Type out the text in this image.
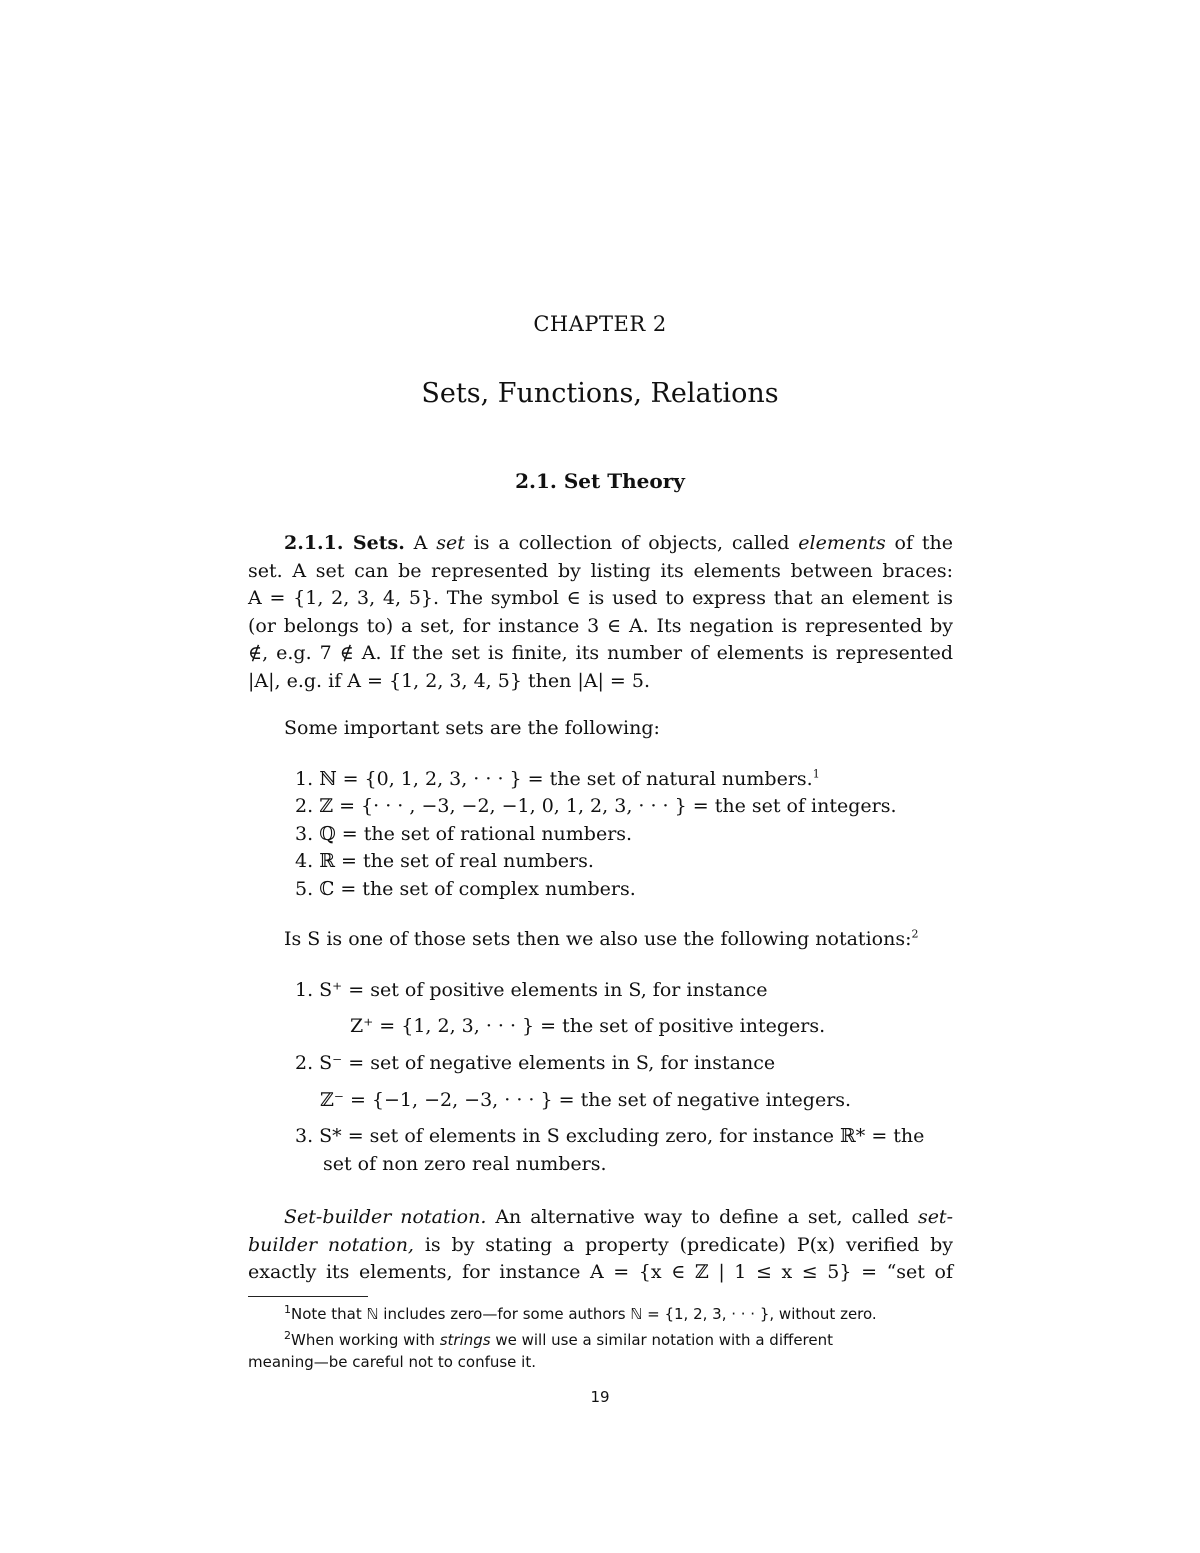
CHAPTER 2
Sets, Functions, Relations
2.1. Set Theory
2.1.1. Sets. A set is a collection of objects, called elements of the
set. A set can be represented by listing its elements between braces:
A = {1, 2, 3, 4, 5}. The symbol ∈ is used to express that an element is
(or belongs to) a set, for instance 3 ∈ A. Its negation is represented by
∉, e.g. 7 ∉ A. If the set is finite, its number of elements is represented
|A|, e.g. if A = {1, 2, 3, 4, 5} then |A| = 5.
Some important sets are the following:
1. ℕ = {0, 1, 2, 3, · · · } = the set of natural numbers.$^1$
2. ℤ = {· · · , −3, −2, −1, 0, 1, 2, 3, · · · } = the set of integers.
3. ℚ = the set of rational numbers.
4. ℝ = the set of real numbers.
5. ℂ = the set of complex numbers.
Is S is one of those sets then we also use the following notations:$^2$
1. S⁺ = set of positive elements in S, for instance
Z⁺ = {1, 2, 3, · · · } = the set of positive integers.
2. S⁻ = set of negative elements in S, for instance
ℤ⁻ = {−1, −2, −3, · · · } = the set of negative integers.
3. S* = set of elements in S excluding zero, for instance ℝ* = the
set of non zero real numbers.
Set-builder notation. An alternative way to define a set, called set-
builder notation, is by stating a property (predicate) P(x) verified by
exactly its elements, for instance A = {x ∈ ℤ | 1 ≤ x ≤ 5} = “set of
$^1$Note that ℕ includes zero—for some authors ℕ = {1, 2, 3, · · · }, without zero.
$^2$When working with strings we will use a similar notation with a different
meaning—be careful not to confuse it.
19
